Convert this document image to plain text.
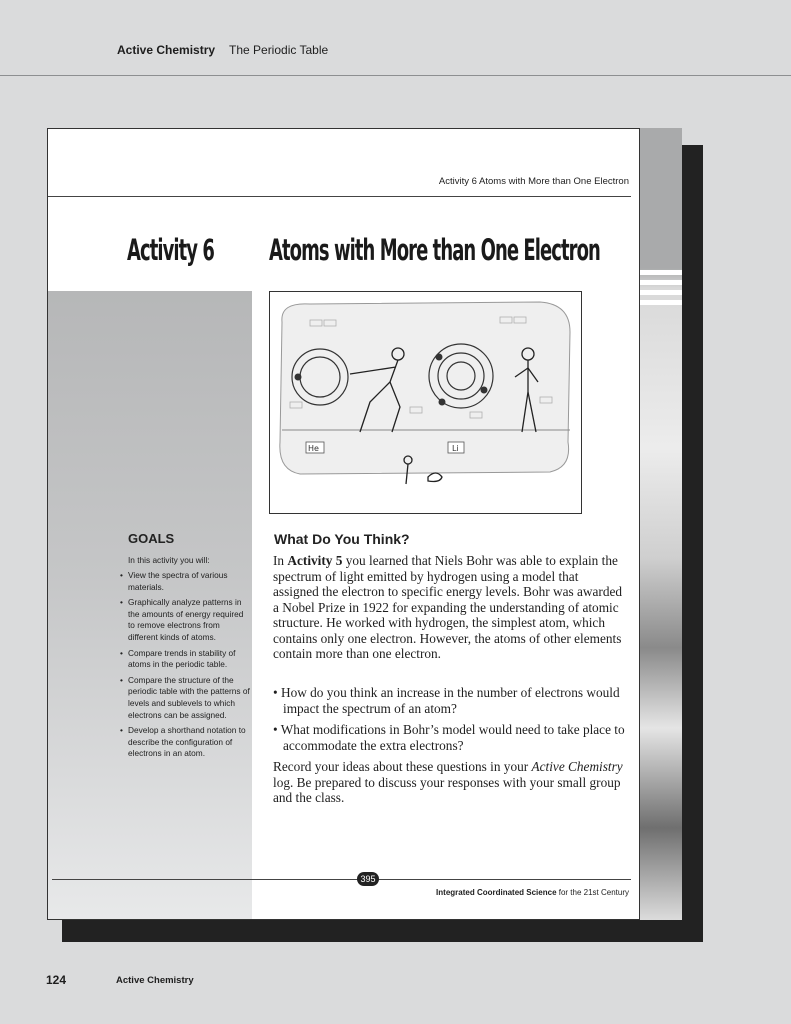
Active Chemistry The Periodic Table
Activity 6 Atoms with More than One Electron
Activity 6 Atoms with More than One Electron
He	Li
GOALS
In this activity you will:
• View the spectra of various materials.
• Graphically analyze patterns in the amounts of energy required to remove electrons from different kinds of atoms.
• Compare trends in stability of atoms in the periodic table.
• Compare the structure of the periodic table with the patterns of levels and sublevels to which electrons can be assigned.
• Develop a shorthand notation to describe the configuration of electrons in an atom.
What Do You Think?

In Activity 5 you learned that Niels Bohr was able to explain the spectrum of light emitted by hydrogen using a model that assigned the electron to specific energy levels. Bohr was awarded a Nobel Prize in 1922 for expanding the understanding of atomic structure. He worked with hydrogen, the simplest atom, which contains only one electron. However, the atoms of other elements contain more than one electron.

• How do you think an increase in the number of electrons would impact the spectrum of an atom?

• What modifications in Bohr’s model would need to take place to accommodate the extra electrons?

Record your ideas about these questions in your Active Chemistry log. Be prepared to discuss your responses with your small group and the class.

395
Integrated Coordinated Science for the 21st Century
124	Active Chemistry
